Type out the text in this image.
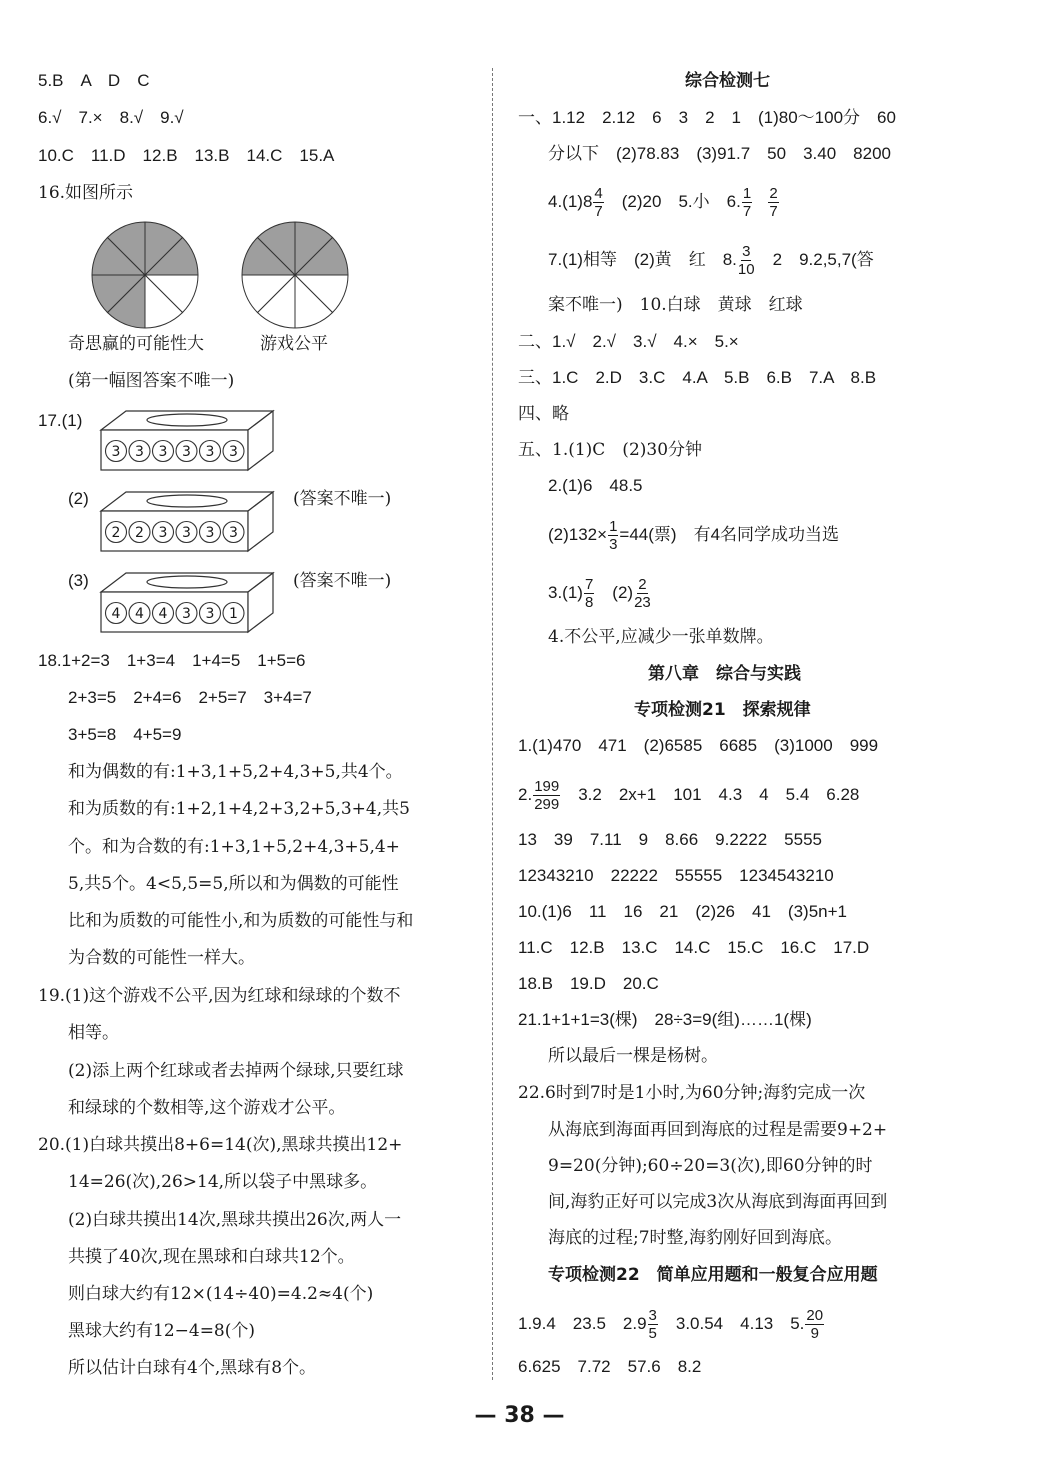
5.B　A　D　C
6.√　7.×　8.√　9.√
10.C　11.D　12.B　13.B　14.C　15.A
16.如图所示
奇思赢的可能性大	游戏公平
(第一幅图答案不唯一)
17.(1)
3 3 3 3 3 3
(2)
2 2 3 3 3 3
(答案不唯一)
(3)
4 4 4 3 3 1
(答案不唯一)
18.1+2=3　1+3=4　1+4=5　1+5=6
2+3=5　2+4=6　2+5=7　3+4=7
3+5=8　4+5=9
和为偶数的有:1+3,1+5,2+4,3+5,共4个。
和为质数的有:1+2,1+4,2+3,2+5,3+4,共5
个。和为合数的有:1+3,1+5,2+4,3+5,4+
5,共5个。4<5,5=5,所以和为偶数的可能性
比和为质数的可能性小,和为质数的可能性与和
为合数的可能性一样大。
19.(1)这个游戏不公平,因为红球和绿球的个数不
相等。
(2)添上两个红球或者去掉两个绿球,只要红球
和绿球的个数相等,这个游戏才公平。
20.(1)白球共摸出8+6=14(次),黑球共摸出12+
14=26(次),26>14,所以袋子中黑球多。
(2)白球共摸出14次,黑球共摸出26次,两人一
共摸了40次,现在黑球和白球共12个。
则白球大约有12×(14÷40)=4.2≈4(个)
黑球大约有12−4=8(个)
所以估计白球有4个,黑球有8个。
综合检测七
一、1.12　2.12　6　3　2　1　(1)80～100分　60
分以下　(2)78.83　(3)91.7　50　3.40　8200
$4.(1)8 \frac{4}{7}$ 　(2)20　5.小　6. $\frac{1}{7}$
$\frac{2}{7}$
7.(1)相等　(2)黄　红　8. $\frac{3}{10}$ 　2　9.2,5,7(答
案不唯一)　10.白球　黄球　红球
二、1.√　2.√　3.√　4.×　5.×
三、1.C　2.D　3.C　4.A　5.B　6.B　7.A　8.B
四、略
五、1.(1)C　(2)30分钟
2.(1)6　48.5
$(2)132\times \frac{1}{3} =44$(票)　有4名同学成功当选
$3.(1) \frac{7}{8}$ 　$(2) \frac{2}{23}$
4.不公平,应减少一张单数牌。
第八章　综合与实践
专项检测21　探索规律
1.(1)470　471　(2)6585　6685　(3)1000　999
2. $\frac{199}{299}$ 　3.2　2x+1　101　4.3　4　5.4　6.28
13　39　7.11　9　8.66　9.2222　5555
12343210　22222　55555　1234543210
10.(1)6　11　16　21　(2)26　41　(3)5n+1
11.C　12.B　13.C　14.C　15.C　16.C　17.D
18.B　19.D　20.C
21.1+1+1=3(棵)　28÷3=9(组)……1(棵)
所以最后一棵是杨树。
22.6时到7时是1小时,为60分钟;海豹完成一次
从海底到海面再回到海底的过程是需要9+2+
9=20(分钟);60÷20=3(次),即60分钟的时
间,海豹正好可以完成3次从海底到海面再回到
海底的过程;7时整,海豹刚好回到海底。
专项检测22　简单应用题和一般复合应用题
1.9.4　23.5　$2.9 \frac{3}{5}$ 　3.0.54　4.13　5. $\frac{20}{9}$
6.625　7.72　57.6　8.2
— 38 —
